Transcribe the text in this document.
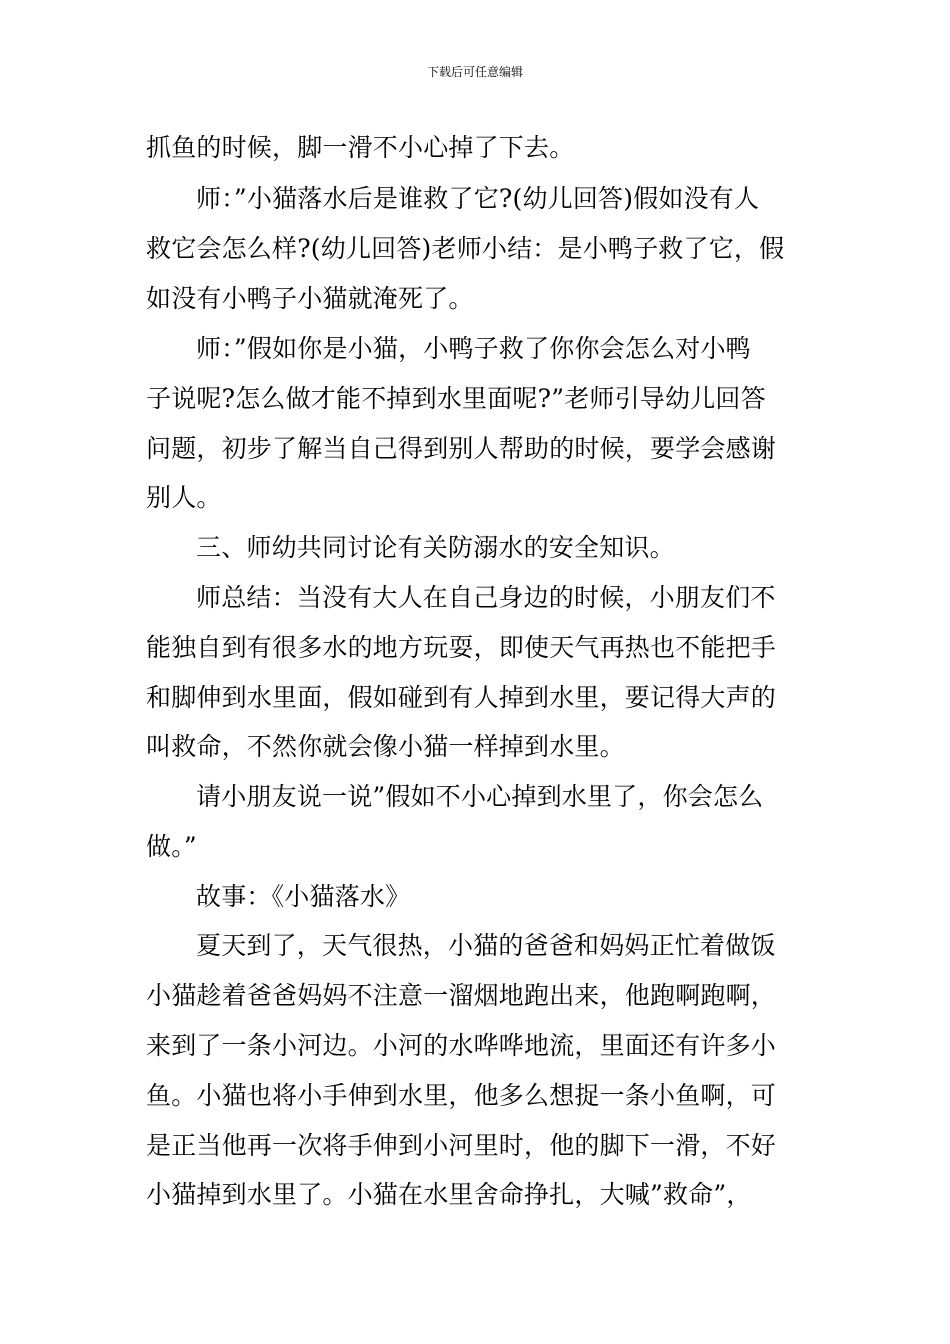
下载后可任意编辑
抓鱼的时候，脚一滑不小心掉了下去。
师：”小猫落水后是谁救了它?(幼儿回答)假如没有人
救它会怎么样?(幼儿回答)老师小结：是小鸭子救了它，假
如没有小鸭子小猫就淹死了。
师：”假如你是小猫，小鸭子救了你你会怎么对小鸭
子说呢?怎么做才能不掉到水里面呢?”老师引导幼儿回答
问题，初步了解当自己得到别人帮助的时候，要学会感谢
别人。
三、师幼共同讨论有关防溺水的安全知识。
师总结：当没有大人在自己身边的时候，小朋友们不
能独自到有很多水的地方玩耍，即使天气再热也不能把手
和脚伸到水里面，假如碰到有人掉到水里，要记得大声的
叫救命，不然你就会像小猫一样掉到水里。
请小朋友说一说”假如不小心掉到水里了，你会怎么
做。”
故事：《小猫落水》
夏天到了，天气很热，小猫的爸爸和妈妈正忙着做饭
小猫趁着爸爸妈妈不注意一溜烟地跑出来，他跑啊跑啊，
来到了一条小河边。小河的水哗哗地流，里面还有许多小
鱼。小猫也将小手伸到水里，他多么想捉一条小鱼啊，可
是正当他再一次将手伸到小河里时，他的脚下一滑，不好
小猫掉到水里了。小猫在水里舍命挣扎，大喊”救命”，
